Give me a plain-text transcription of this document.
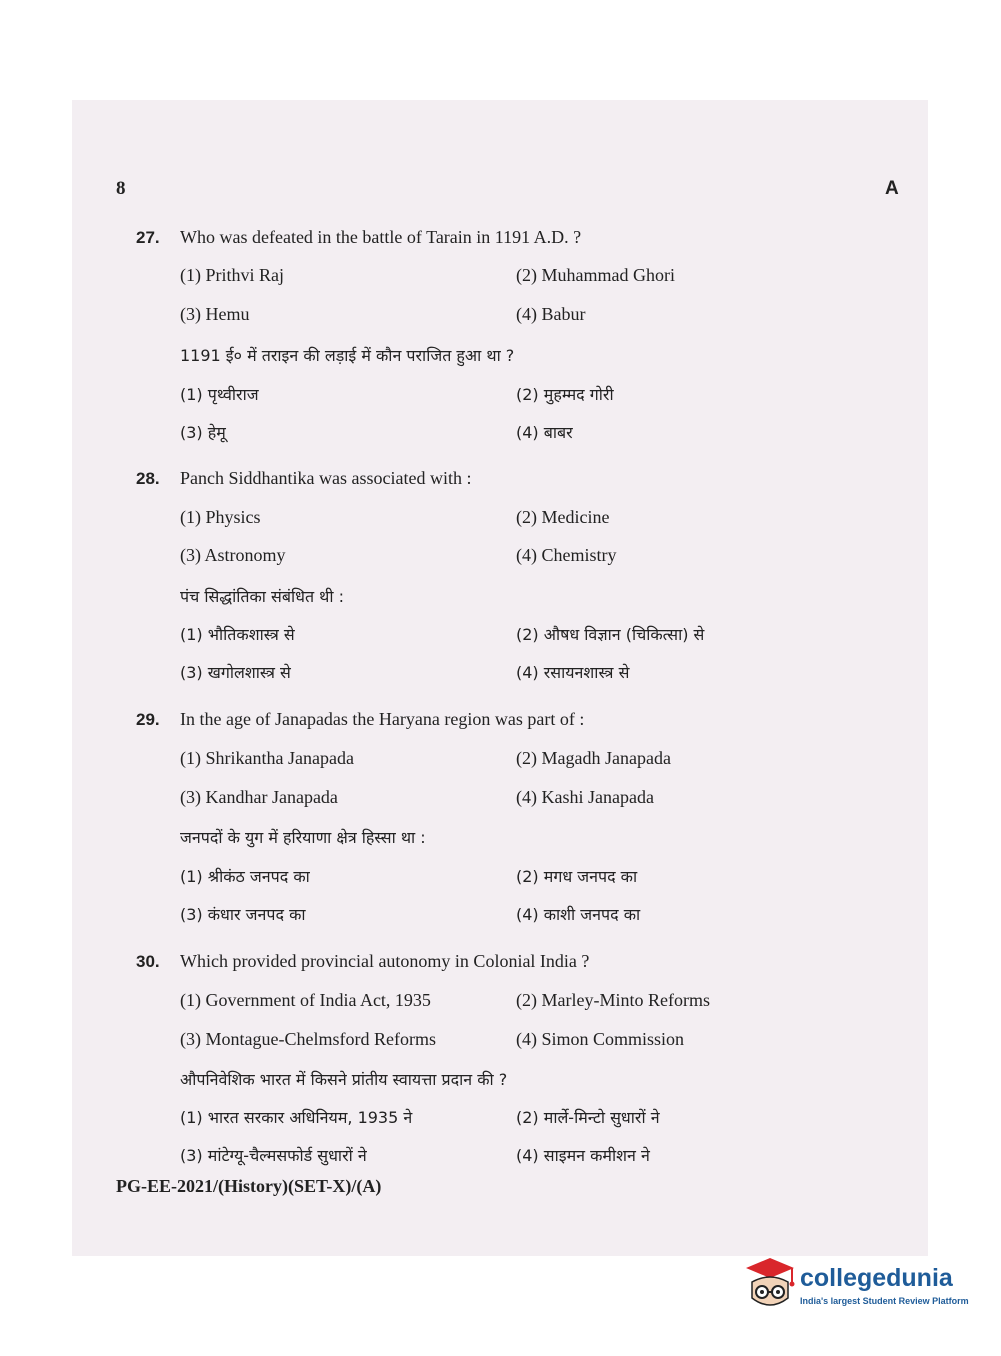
8	A
27. Who was defeated in the battle of Tarain in 1191 A.D. ?
(1) Prithvi Raj	(2) Muhammad Ghori
(3) Hemu	(4) Babur
1191 ई० में तराइन की लड़ाई में कौन पराजित हुआ था ?
(1) पृथ्वीराज	(2) मुहम्मद गोरी
(3) हेमू	(4) बाबर
28. Panch Siddhantika was associated with :
(1) Physics	(2) Medicine
(3) Astronomy	(4) Chemistry
पंच सिद्धांतिका संबंधित थी :
(1) भौतिकशास्त्र से	(2) औषध विज्ञान (चिकित्सा) से
(3) खगोलशास्त्र से	(4) रसायनशास्त्र से
29. In the age of Janapadas the Haryana region was part of :
(1) Shrikantha Janapada	(2) Magadh Janapada
(3) Kandhar Janapada	(4) Kashi Janapada
जनपदों के युग में हरियाणा क्षेत्र हिस्सा था :
(1) श्रीकंठ जनपद का	(2) मगध जनपद का
(3) कंधार जनपद का	(4) काशी जनपद का
30. Which provided provincial autonomy in Colonial India ?
(1) Government of India Act, 1935	(2) Marley-Minto Reforms
(3) Montague-Chelmsford Reforms	(4) Simon Commission
औपनिवेशिक भारत में किसने प्रांतीय स्वायत्ता प्रदान की ?
(1) भारत सरकार अधिनियम, 1935 ने	(2) मार्ले-मिन्टो सुधारों ने
(3) मांटेग्यू-चैल्मसफोर्ड सुधारों ने	(4) साइमन कमीशन ने
PG-EE-2021/(History)(SET-X)/(A)
collegedunia
India's largest Student Review Platform
